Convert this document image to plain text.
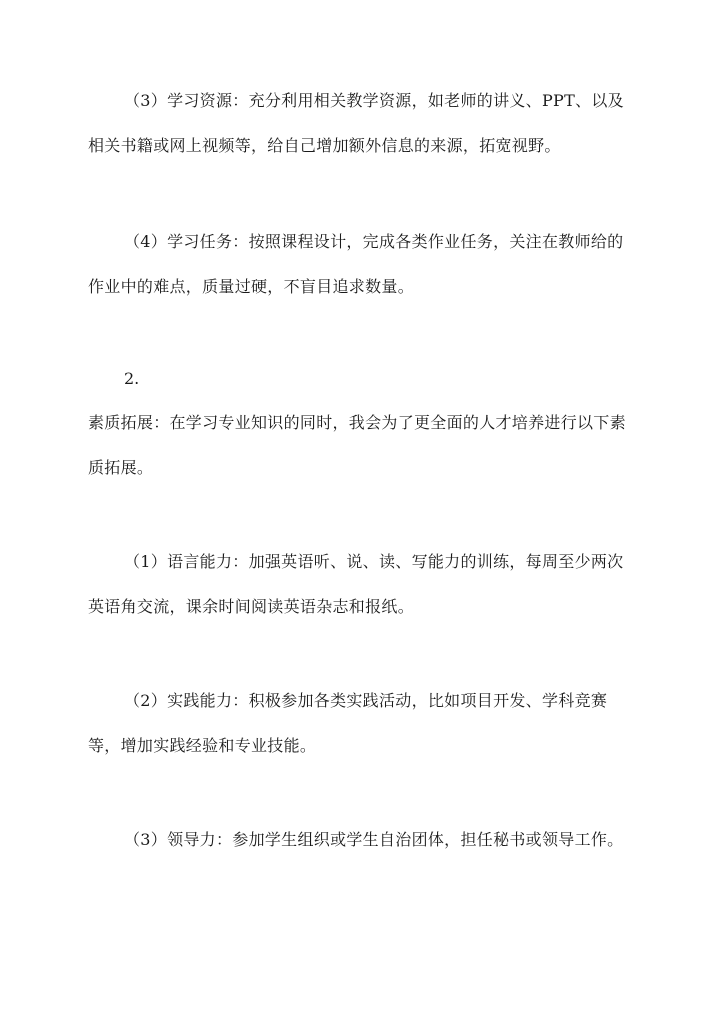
（3）学习资源：充分利用相关教学资源，如老师的讲义、PPT、以及相关书籍或网上视频等，给自己增加额外信息的来源，拓宽视野。

（4）学习任务：按照课程设计，完成各类作业任务，关注在教师给的作业中的难点，质量过硬，不盲目追求数量。

2.

素质拓展：在学习专业知识的同时，我会为了更全面的人才培养进行以下素质拓展。

（1）语言能力：加强英语听、说、读、写能力的训练，每周至少两次英语角交流，课余时间阅读英语杂志和报纸。

（2）实践能力：积极参加各类实践活动，比如项目开发、学科竞赛等，增加实践经验和专业技能。

（3）领导力：参加学生组织或学生自治团体，担任秘书或领导工作。
